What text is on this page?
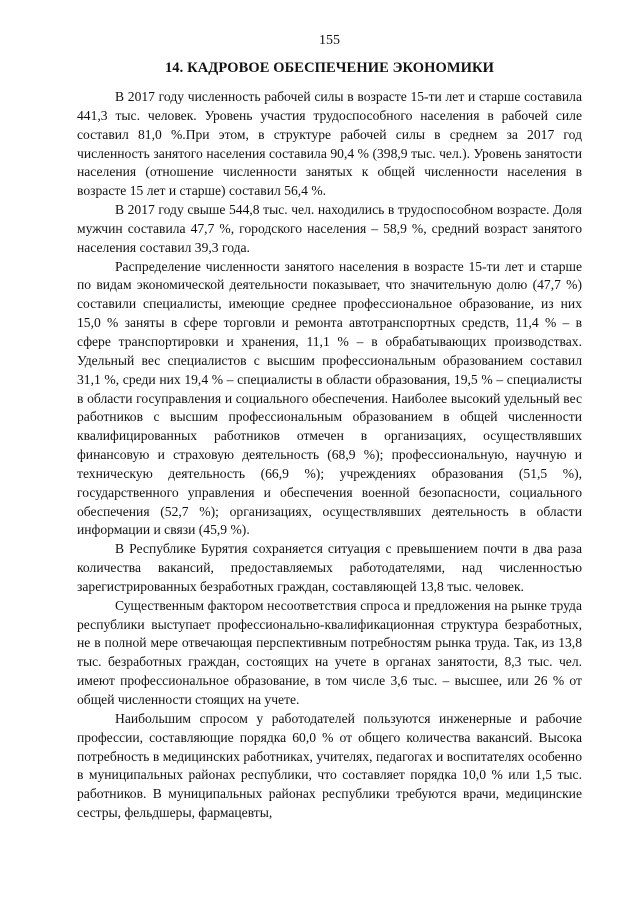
155
14. КАДРОВОЕ ОБЕСПЕЧЕНИЕ ЭКОНОМИКИ

В 2017 году численность рабочей силы в возрасте 15-ти лет и старше составила 441,3 тыс. человек. Уровень участия трудоспособного населения в рабочей силе составил 81,0 %.При этом, в структуре рабочей силы в среднем за 2017 год численность занятого населения составила 90,4 % (398,9 тыс. чел.). Уровень занятости населения (отношение численности занятых к общей численности населения в возрасте 15 лет и старше) составил 56,4 %.

В 2017 году свыше 544,8 тыс. чел. находились в трудоспособном возрасте. Доля мужчин составила 47,7 %, городского населения – 58,9 %, средний возраст занятого населения составил 39,3 года.

Распределение численности занятого населения в возрасте 15-ти лет и старше по видам экономической деятельности показывает, что значительную долю (47,7 %) составили специалисты, имеющие среднее профессиональное образование, из них 15,0 % заняты в сфере торговли и ремонта автотранспортных средств, 11,4 % – в сфере транспортировки и хранения, 11,1 % – в обрабатывающих производствах. Удельный вес специалистов с высшим профессиональным образованием составил 31,1 %, среди них 19,4 % – специалисты в области образования, 19,5 % – специалисты в области госуправления и социального обеспечения. Наиболее высокий удельный вес работников с высшим профессиональным образованием в общей численности квалифицированных работников отмечен в организациях, осуществлявших финансовую и страховую деятельность (68,9 %); профессиональную, научную и техническую деятельность (66,9 %); учреждениях образования (51,5 %), государственного управления и обеспечения военной безопасности, социального обеспечения (52,7 %); организациях, осуществлявших деятельность в области информации и связи (45,9 %).

В Республике Бурятия сохраняется ситуация с превышением почти в два раза количества вакансий, предоставляемых работодателями, над численностью зарегистрированных безработных граждан, составляющей 13,8 тыс. человек.

Существенным фактором несоответствия спроса и предложения на рынке труда республики выступает профессионально-квалификационная структура безработных, не в полной мере отвечающая перспективным потребностям рынка труда. Так, из 13,8 тыс. безработных граждан, состоящих на учете в органах занятости, 8,3 тыс. чел. имеют профессиональное образование, в том числе 3,6 тыс. – высшее, или 26 % от общей численности стоящих на учете.

Наибольшим спросом у работодателей пользуются инженерные и рабочие профессии, составляющие порядка 60,0 % от общего количества вакансий. Высока потребность в медицинских работниках, учителях, педагогах и воспитателях особенно в муниципальных районах республики, что составляет порядка 10,0 % или 1,5 тыс. работников. В муниципальных районах республики требуются врачи, медицинские сестры, фельдшеры, фармацевты,
